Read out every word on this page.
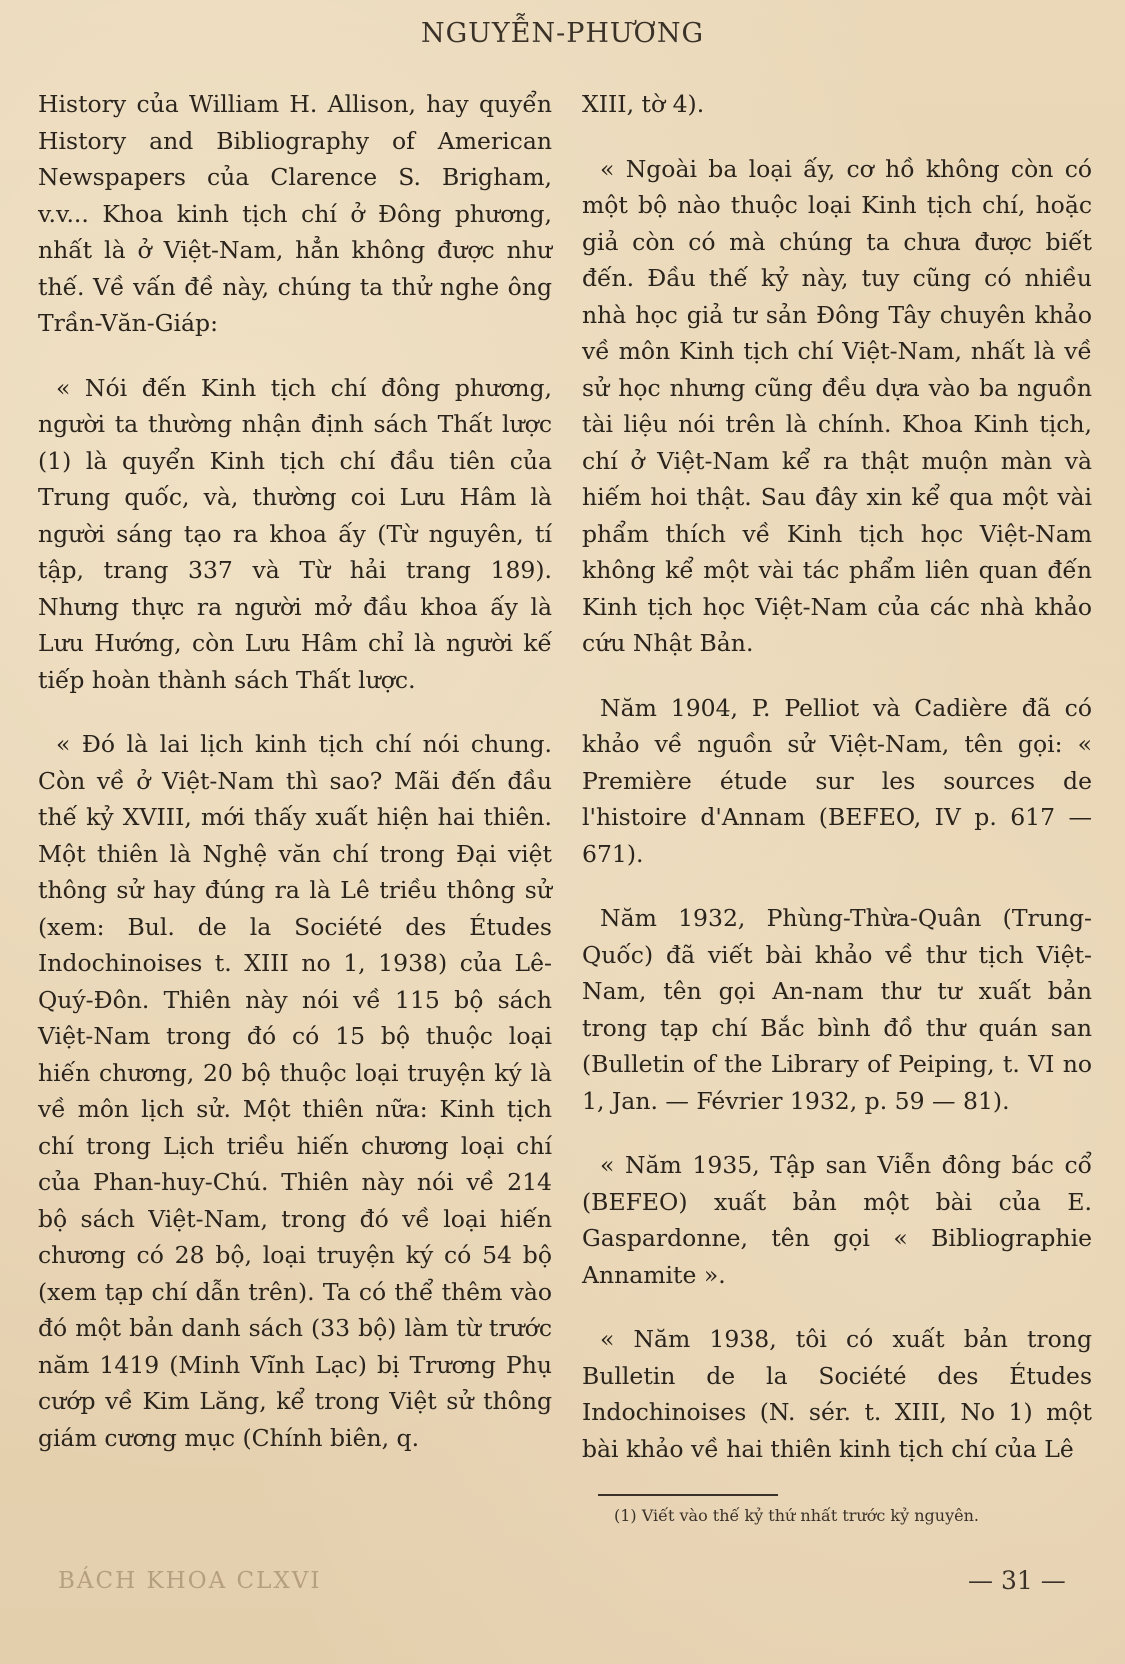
NGUYỄN-PHƯƠNG

History của William H. Allison, hay quyển History and Bibliography of American Newspapers của Clarence S. Brigham, v.v... Khoa kinh tịch chí ở Đông phương, nhất là ở Việt-Nam, hẳn không được như thế. Về vấn đề này, chúng ta thử nghe ông Trần-Văn-Giáp:

« Nói đến Kinh tịch chí đông phương, người ta thường nhận định sách Thất lược (1) là quyển Kinh tịch chí đầu tiên của Trung quốc, và, thường coi Lưu Hâm là người sáng tạo ra khoa ấy (Từ nguyên, tí tập, trang 337 và Từ hải trang 189). Nhưng thực ra người mở đầu khoa ấy là Lưu Hướng, còn Lưu Hâm chỉ là người kế tiếp hoàn thành sách Thất lược.

« Đó là lai lịch kinh tịch chí nói chung. Còn về ở Việt-Nam thì sao? Mãi đến đầu thế kỷ XVIII, mới thấy xuất hiện hai thiên. Một thiên là Nghệ văn chí trong Đại việt thông sử hay đúng ra là Lê triều thông sử (xem: Bul. de la Société des Études Indochinoises t. XIII no 1, 1938) của Lê-Quý-Đôn. Thiên này nói về 115 bộ sách Việt-Nam trong đó có 15 bộ thuộc loại hiến chương, 20 bộ thuộc loại truyện ký là về môn lịch sử. Một thiên nữa: Kinh tịch chí trong Lịch triều hiến chương loại chí của Phan-huy-Chú. Thiên này nói về 214 bộ sách Việt-Nam, trong đó về loại hiến chương có 28 bộ, loại truyện ký có 54 bộ (xem tạp chí dẫn trên). Ta có thể thêm vào đó một bản danh sách (33 bộ) làm từ trước năm 1419 (Minh Vĩnh Lạc) bị Trương Phụ cướp về Kim Lăng, kể trong Việt sử thông giám cương mục (Chính biên, q.

XIII, tờ 4).

« Ngoài ba loại ấy, cơ hồ không còn có một bộ nào thuộc loại Kinh tịch chí, hoặc giả còn có mà chúng ta chưa được biết đến. Đầu thế kỷ này, tuy cũng có nhiều nhà học giả tư sản Đông Tây chuyên khảo về môn Kinh tịch chí Việt-Nam, nhất là về sử học nhưng cũng đều dựa vào ba nguồn tài liệu nói trên là chính. Khoa Kinh tịch, chí ở Việt-Nam kể ra thật muộn màn và hiếm hoi thật. Sau đây xin kể qua một vài phẩm thích về Kinh tịch học Việt-Nam không kể một vài tác phẩm liên quan đến Kinh tịch học Việt-Nam của các nhà khảo cứu Nhật Bản.

Năm 1904, P. Pelliot và Cadière đã có khảo về nguồn sử Việt-Nam, tên gọi: « Première étude sur les sources de l'histoire d'Annam (BEFEO, IV p. 617 — 671).

Năm 1932, Phùng-Thừa-Quân (Trung-Quốc) đã viết bài khảo về thư tịch Việt-Nam, tên gọi An-nam thư tư xuất bản trong tạp chí Bắc bình đồ thư quán san (Bulletin of the Library of Peiping, t. VI no 1, Jan. — Février 1932, p. 59 — 81).

« Năm 1935, Tập san Viễn đông bác cổ (BEFEO) xuất bản một bài của E. Gaspardonne, tên gọi « Bibliographie Annamite ».

« Năm 1938, tôi có xuất bản trong Bulletin de la Société des Études Indochinoises (N. sér. t. XIII, No 1) một bài khảo về hai thiên kinh tịch chí của Lê

(1) Viết vào thế kỷ thứ nhất trước kỷ nguyên.
BÁCH KHOA CLXVI	— 31 —
